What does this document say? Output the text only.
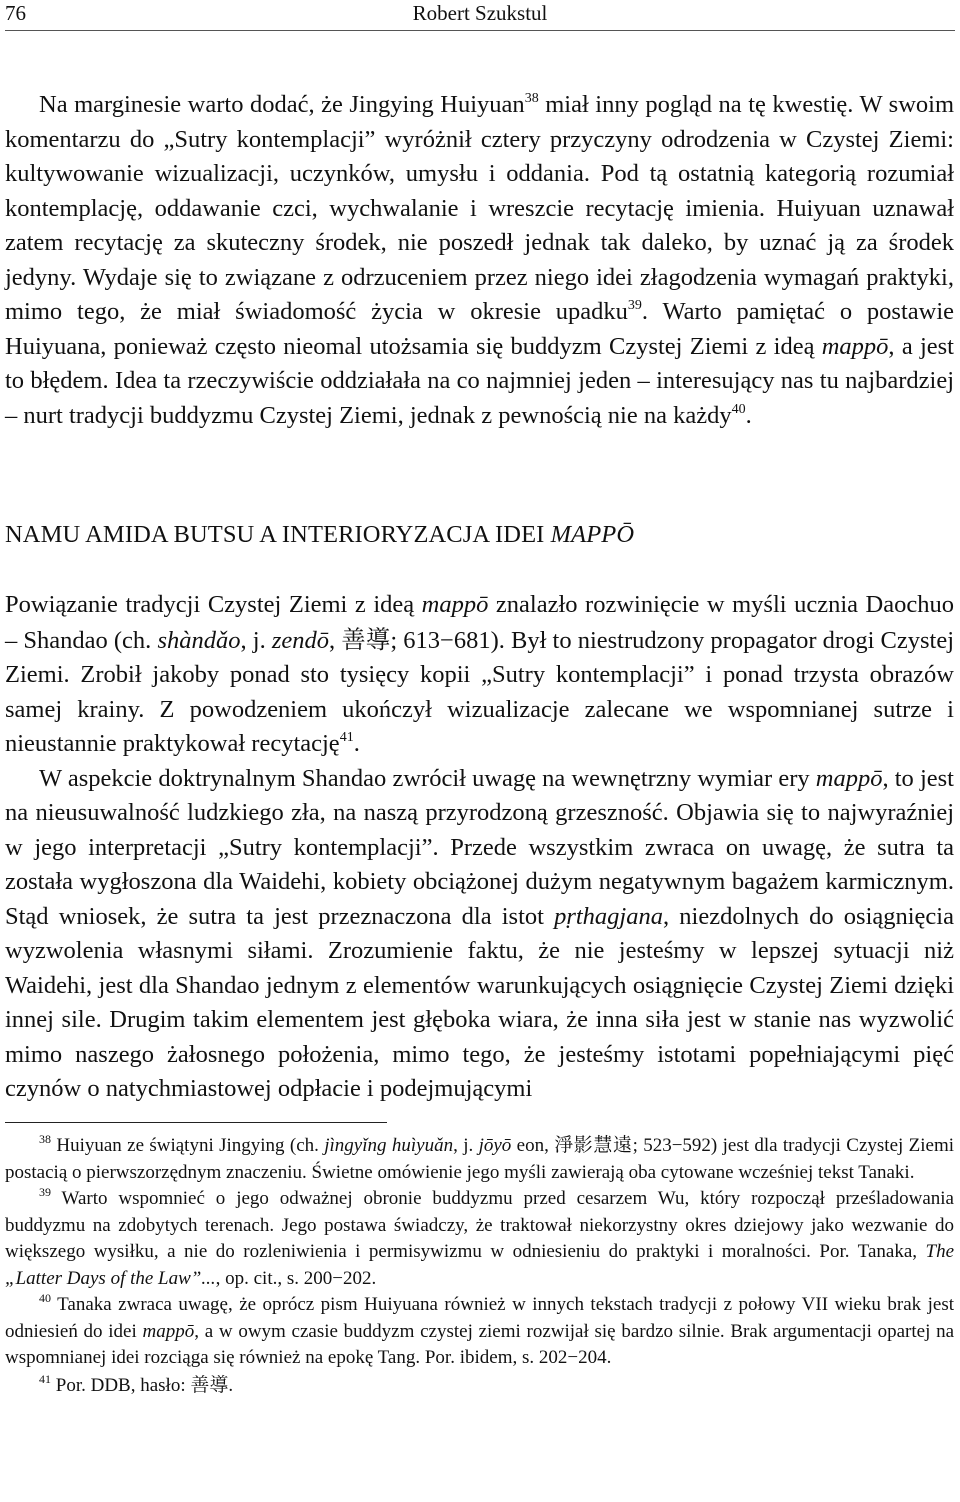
76	Robert Szukstul

Na marginesie warto dodać, że Jingying Huiyuan$^{38}$ miał inny pogląd na tę kwestię. W swoim komentarzu do „Sutry kontemplacji” wyróżnił cztery przyczyny odrodzenia w Czystej Ziemi: kultywowanie wizualizacji, uczynków, umysłu i oddania. Pod tą ostatnią kategorią rozumiał kontemplację, oddawanie czci, wychwalanie i wreszcie recytację imienia. Huiyuan uznawał zatem recytację za skuteczny środek, nie poszedł jednak tak daleko, by uznać ją za środek jedyny. Wydaje się to związane z odrzuceniem przez niego idei złagodzenia wymagań praktyki, mimo tego, że miał świadomość życia w okresie upadku$^{39}$. Warto pamiętać o postawie Huiyuana, ponieważ często nieomal utożsamia się buddyzm Czystej Ziemi z ideą mappō, a jest to błędem. Idea ta rzeczywiście oddziałała na co najmniej jeden – interesujący nas tu najbardziej – nurt tradycji buddyzmu Czystej Ziemi, jednak z pewnością nie na każdy$^{40}$.

NAMU AMIDA BUTSU A INTERIORYZACJA IDEI MAPPŌ

Powiązanie tradycji Czystej Ziemi z ideą mappō znalazło rozwinięcie w myśli ucznia Daochuo – Shandao (ch. shàndǎo, j. zendō, 善導; 613−681). Był to niestrudzony propagator drogi Czystej Ziemi. Zrobił jakoby ponad sto tysięcy kopii „Sutry kontemplacji” i ponad trzysta obrazów samej krainy. Z powodzeniem ukończył wizualizacje zalecane we wspomnianej sutrze i nieustannie praktykował recytację$^{41}$.

W aspekcie doktrynalnym Shandao zwrócił uwagę na wewnętrzny wymiar ery mappō, to jest na nieusuwalność ludzkiego zła, na naszą przyrodzoną grzeszność. Objawia się to najwyraźniej w jego interpretacji „Sutry kontemplacji”. Przede wszystkim zwraca on uwagę, że sutra ta została wygłoszona dla Waidehi, kobiety obciążonej dużym negatywnym bagażem karmicznym. Stąd wniosek, że sutra ta jest przeznaczona dla istot pṛthagjana, niezdolnych do osiągnięcia wyzwolenia własnymi siłami. Zrozumienie faktu, że nie jesteśmy w lepszej sytuacji niż Waidehi, jest dla Shandao jednym z elementów warunkujących osiągnięcie Czystej Ziemi dzięki innej sile. Drugim takim elementem jest głęboka wiara, że inna siła jest w stanie nas wyzwolić mimo naszego żałosnego położenia, mimo tego, że jesteśmy istotami popełniającymi pięć czynów o natychmiastowej odpłacie i podejmującymi

$^{38}$ Huiyuan ze świątyni Jingying (ch. jìngyǐng huìyuǎn, j. jōyō eon, 淨影慧遠; 523−592) jest dla tradycji Czystej Ziemi postacią o pierwszorzędnym znaczeniu. Świetne omówienie jego myśli zawierają oba cytowane wcześniej tekst Tanaki.

$^{39}$ Warto wspomnieć o jego odważnej obronie buddyzmu przed cesarzem Wu, który rozpoczął prześladowania buddyzmu na zdobytych terenach. Jego postawa świadczy, że traktował niekorzystny okres dziejowy jako wezwanie do większego wysiłku, a nie do rozleniwienia i permisywizmu w odniesieniu do praktyki i moralności. Por. Tanaka, The „Latter Days of the Law”..., op. cit., s. 200−202.

$^{40}$ Tanaka zwraca uwagę, że oprócz pism Huiyuana również w innych tekstach tradycji z połowy VII wieku brak jest odniesień do idei mappō, a w owym czasie buddyzm czystej ziemi rozwijał się bardzo silnie. Brak argumentacji opartej na wspomnianej idei rozciąga się również na epokę Tang. Por. ibidem, s. 202−204.

$^{41}$ Por. DDB, hasło: 善導.
